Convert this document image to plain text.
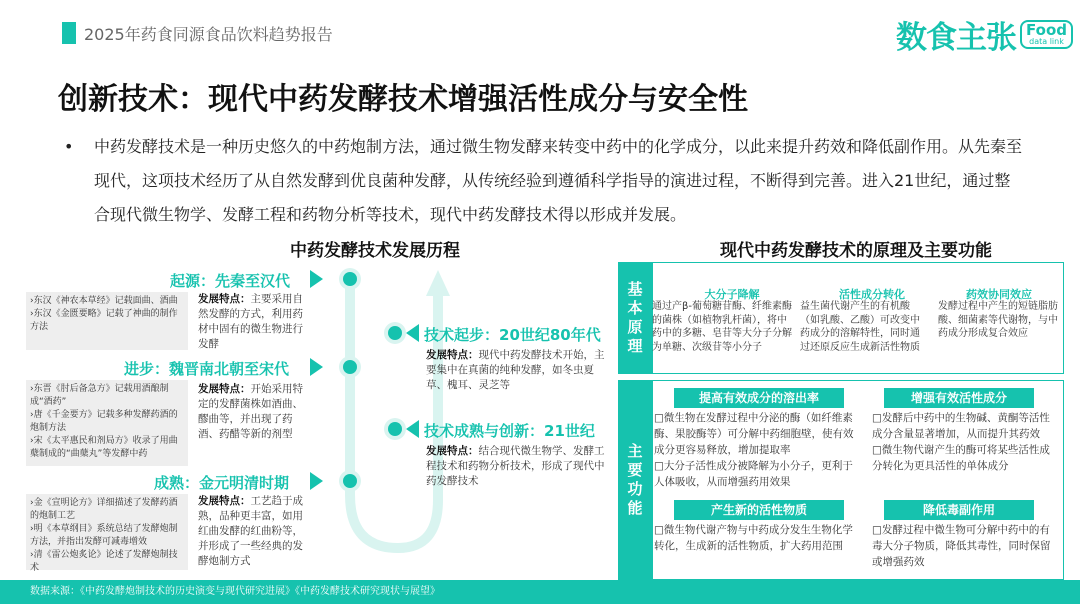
2025年药食同源食品饮料趋势报告	数食主张 Food
data link
创新技术：现代中药发酵技术增强活性成分与安全性
• 中药发酵技术是一种历史悠久的中药炮制方法，通过微生物发酵来转变中药中的化学成分，以此来提升药效和降低副作用。从先秦至现代，这项技术经历了从自然发酵到优良菌种发酵，从传统经验到遵循科学指导的演进过程，不断得到完善。进入21世纪，通过整合现代微生物学、发酵工程和药物分析等技术，现代中药发酵技术得以形成并发展。
中药发酵技术发展历程	现代中药发酵技术的原理及主要功能
起源：先秦至汉代
›东汉《神农本草经》记载面曲、酒曲
›东汉《金匮要略》记载了神曲的制作方法
发展特点：主要采用自然发酵的方式，利用药材中固有的微生物进行发酵
进步：魏晋南北朝至宋代
›东晋《肘后备急方》记载用酒酿制成“酒药”
›唐《千金要方》记载多种发酵药酒的炮制方法
›宋《太平惠民和剂局方》收录了用曲蘖制成的“曲蘖丸”等发酵中药
发展特点：开始采用特定的发酵菌株如酒曲、醪曲等，并出现了药酒、药醋等新的剂型
成熟：金元明清时期
›金《宣明论方》详细描述了发酵药酒的炮制工艺
›明《本草纲目》系统总结了发酵炮制方法，并指出发酵可减毒增效
›清《雷公炮炙论》论述了发酵炮制技术
发展特点：工艺趋于成熟，品种更丰富，如用红曲发酵的红曲粉等，并形成了一些经典的发酵炮制方式
技术起步：20世纪80年代
发展特点：现代中药发酵技术开始，主要集中在真菌的纯种发酵，如冬虫夏草、槐耳、灵芝等
技术成熟与创新：21世纪
发展特点：结合现代微生物学、发酵工程技术和药物分析技术，形成了现代中药发酵技术
基本原理
大分子降解
通过产β-葡萄糖苷酶、纤维素酶的菌株（如植物乳杆菌），将中药中的多糖、皂苷等大分子分解为单糖、次级苷等小分子
活性成分转化
益生菌代谢产生的有机酸（如乳酸、乙酸）可改变中药成分的溶解特性，同时通过还原反应生成新活性物质
药效协同效应
发酵过程中产生的短链脂肪酸、细菌素等代谢物，与中药成分形成复合效应
主要功能
提高有效成分的溶出率
□微生物在发酵过程中分泌的酶（如纤维素酶、果胶酶等）可分解中药细胞壁，使有效成分更容易释放，增加提取率
□大分子活性成分被降解为小分子，更利于人体吸收，从而增强药用效果
增强有效活性成分
□发酵后中药中的生物碱、黄酮等活性成分含量显著增加，从而提升其药效
□微生物代谢产生的酶可将某些活性成分转化为更具活性的单体成分
产生新的活性物质
□微生物代谢产物与中药成分发生生物化学转化，生成新的活性物质，扩大药用范围
降低毒副作用
□发酵过程中微生物可分解中药中的有毒大分子物质，降低其毒性，同时保留或增强药效
数据来源：《中药发酵炮制技术的历史演变与现代研究进展》《中药发酵技术研究现状与展望》
